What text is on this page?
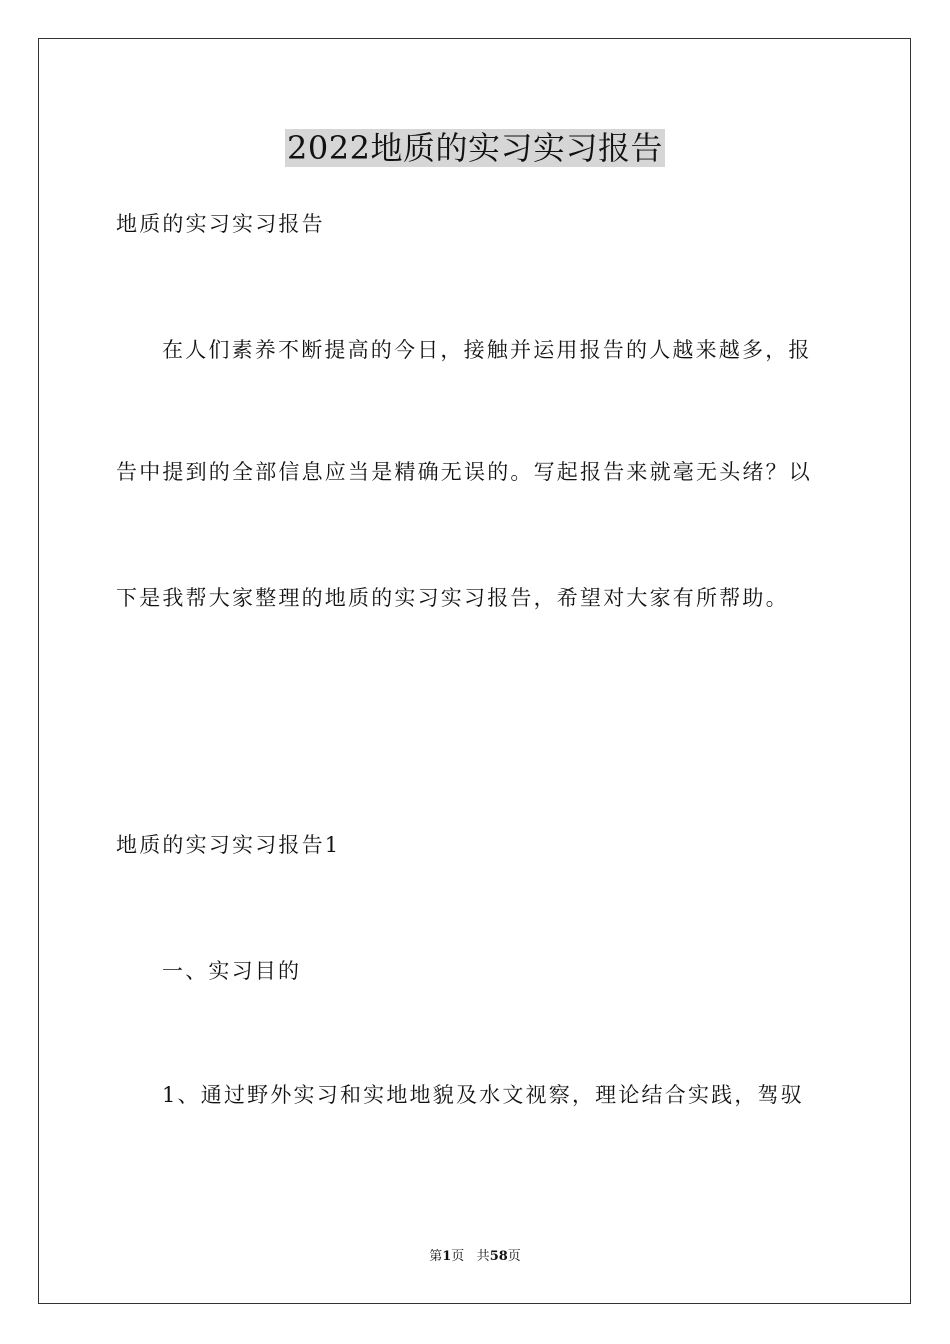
2022地质的实习实习报告
地质的实习实习报告
在人们素养不断提高的今日，接触并运用报告的人越来越多，报
告中提到的全部信息应当是精确无误的。写起报告来就毫无头绪？以
下是我帮大家整理的地质的实习实习报告，希望对大家有所帮助。
地质的实习实习报告1
一、实习目的
1、通过野外实习和实地地貌及水文视察，理论结合实践，驾驭
第1页 共58页
